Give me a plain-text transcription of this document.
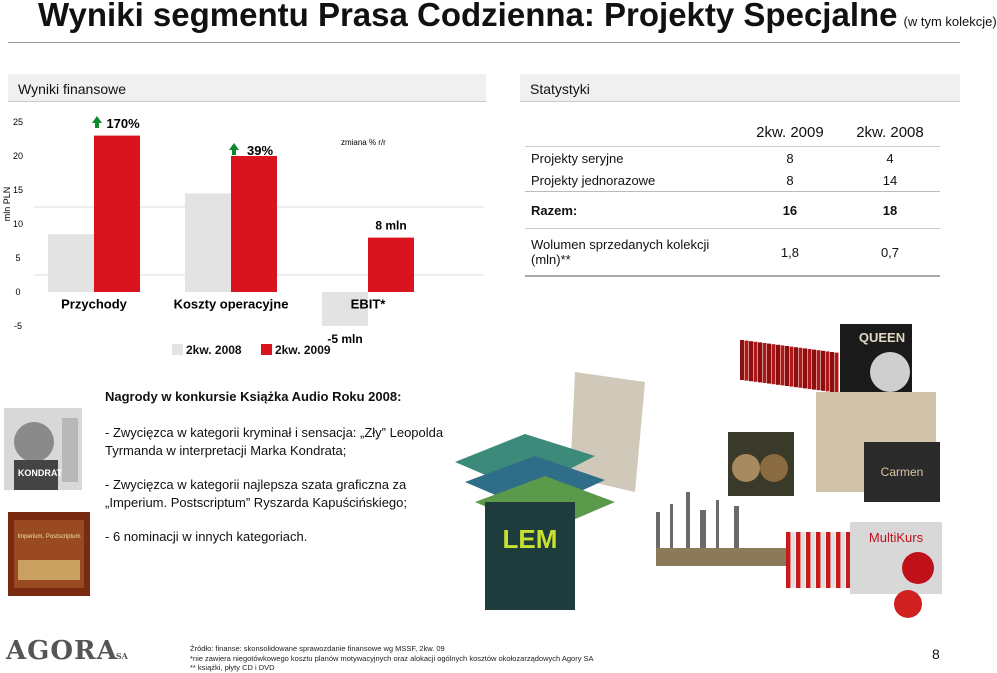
Wyniki segmentu Prasa Codzienna: Projekty Specjalne (w tym kolekcje)
Wyniki finansowe	Statystyki
mln PLN
25
20
15
10
5
0
-5
Przychody	Koszty operacyjne	EBIT*
170%
39%
zmiana % r/r
8 mln
-5 mln
2kw. 2008	2kw. 2009
	2kw. 2009	2kw. 2008
Projekty seryjne	8	4
Projekty jednorazowe	8	14
Razem:	16	18
Wolumen sprzedanych kolekcji (mln)**	1,8	0,7
Nagrody w konkursie Książka Audio Roku 2008:
- Zwycięzca w kategorii kryminał i sensacja: „Zły” Leopolda Tyrmanda w interpretacji Marka Kondrata;
- Zwycięzca w kategorii najlepsza szata graficzna za „Imperium. Postscriptum” Ryszarda Kapuścińskiego;
- 6 nominacji w innych kategoriach.
KONDRAT
Imperium. Postscriptum
QUEEN
LEM
Carmen
MultiKurs
AGORASA
Źródło: finanse: skonsolidowane sprawozdanie finansowe wg MSSF, 2kw. 09
*nie zawiera niegotówkowego kosztu planów motywacyjnych oraz alokacji ogólnych kosztów okołozarządowych Agory SA
** książki, płyty CD i DVD
8
